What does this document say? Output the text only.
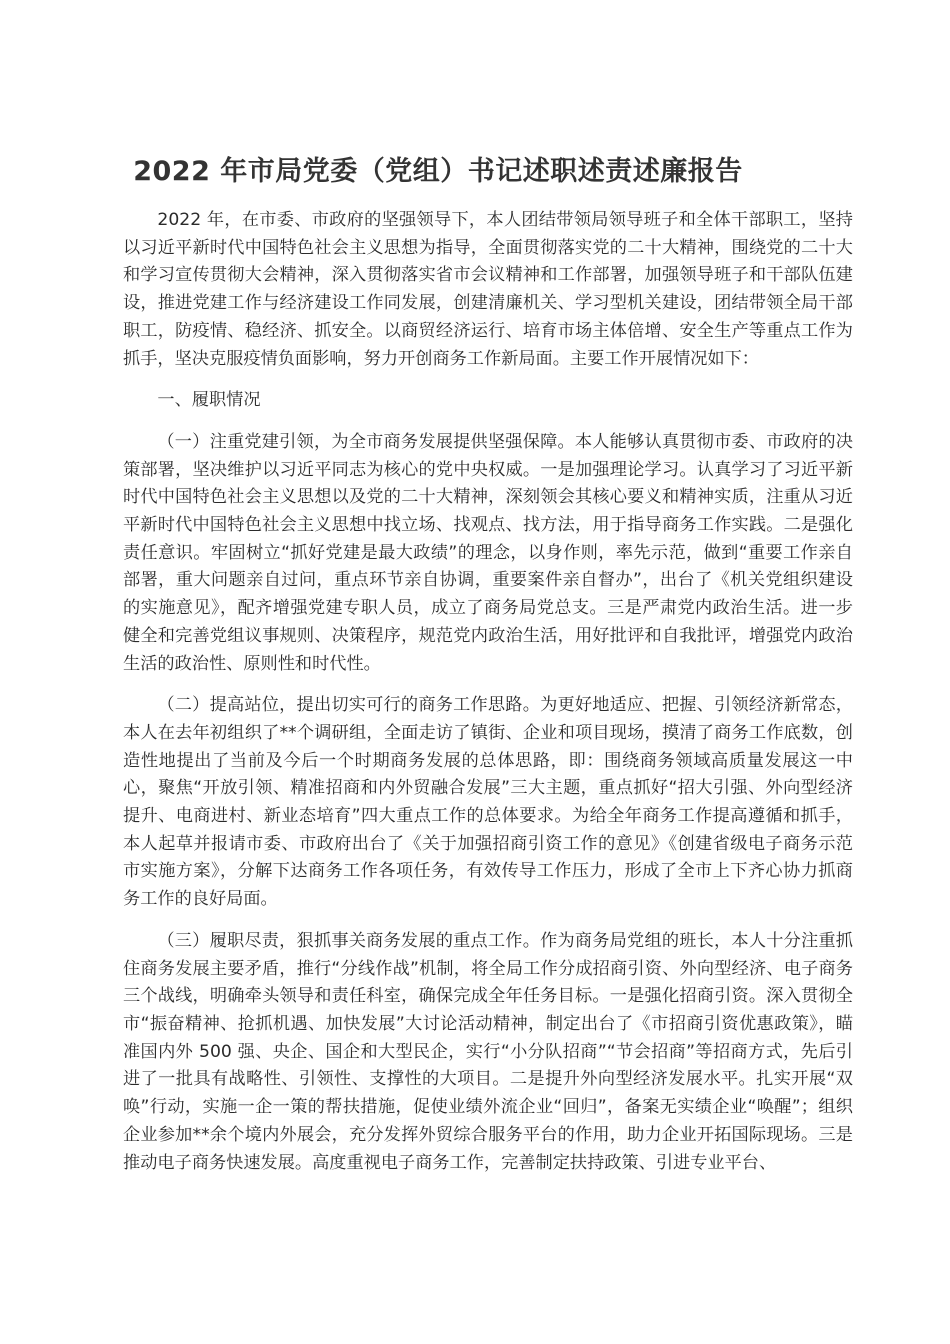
2022 年市局党委（党组）书记述职述责述廉报告

2022 年，在市委、市政府的坚强领导下，本人团结带领局领导班子和全体干部职工，坚持以习近平新时代中国特色社会主义思想为指导，全面贯彻落实党的二十大精神，围绕党的二十大和学习宣传贯彻大会精神，深入贯彻落实省市会议精神和工作部署，加强领导班子和干部队伍建设，推进党建工作与经济建设工作同发展，创建清廉机关、学习型机关建设，团结带领全局干部职工，防疫情、稳经济、抓安全。以商贸经济运行、培育市场主体倍增、安全生产等重点工作为抓手，坚决克服疫情负面影响，努力开创商务工作新局面。主要工作开展情况如下：

一、履职情况

（一）注重党建引领，为全市商务发展提供坚强保障。本人能够认真贯彻市委、市政府的决策部署，坚决维护以习近平同志为核心的党中央权威。一是加强理论学习。认真学习了习近平新时代中国特色社会主义思想以及党的二十大精神，深刻领会其核心要义和精神实质，注重从习近平新时代中国特色社会主义思想中找立场、找观点、找方法，用于指导商务工作实践。二是强化责任意识。牢固树立“抓好党建是最大政绩”的理念，以身作则，率先示范，做到“重要工作亲自部署，重大问题亲自过问，重点环节亲自协调，重要案件亲自督办”，出台了《机关党组织建设的实施意见》，配齐增强党建专职人员，成立了商务局党总支。三是严肃党内政治生活。进一步健全和完善党组议事规则、决策程序，规范党内政治生活，用好批评和自我批评，增强党内政治生活的政治性、原则性和时代性。

（二）提高站位，提出切实可行的商务工作思路。为更好地适应、把握、引领经济新常态，本人在去年初组织了**个调研组，全面走访了镇街、企业和项目现场，摸清了商务工作底数，创造性地提出了当前及今后一个时期商务发展的总体思路，即：围绕商务领域高质量发展这一中心，聚焦“开放引领、精准招商和内外贸融合发展”三大主题，重点抓好“招大引强、外向型经济提升、电商进村、新业态培育”四大重点工作的总体要求。为给全年商务工作提高遵循和抓手，本人起草并报请市委、市政府出台了《关于加强招商引资工作的意见》《创建省级电子商务示范市实施方案》，分解下达商务工作各项任务，有效传导工作压力，形成了全市上下齐心协力抓商务工作的良好局面。

（三）履职尽责，狠抓事关商务发展的重点工作。作为商务局党组的班长，本人十分注重抓住商务发展主要矛盾，推行“分线作战”机制，将全局工作分成招商引资、外向型经济、电子商务三个战线，明确牵头领导和责任科室，确保完成全年任务目标。一是强化招商引资。深入贯彻全市“振奋精神、抢抓机遇、加快发展”大讨论活动精神，制定出台了《市招商引资优惠政策》，瞄准国内外 500 强、央企、国企和大型民企，实行“小分队招商”“节会招商”等招商方式，先后引进了一批具有战略性、引领性、支撑性的大项目。二是提升外向型经济发展水平。扎实开展“双唤”行动，实施一企一策的帮扶措施，促使业绩外流企业“回归”，备案无实绩企业“唤醒”；组织企业参加**余个境内外展会，充分发挥外贸综合服务平台的作用，助力企业开拓国际现场。三是推动电子商务快速发展。高度重视电子商务工作，完善制定扶持政策、引进专业平台、
